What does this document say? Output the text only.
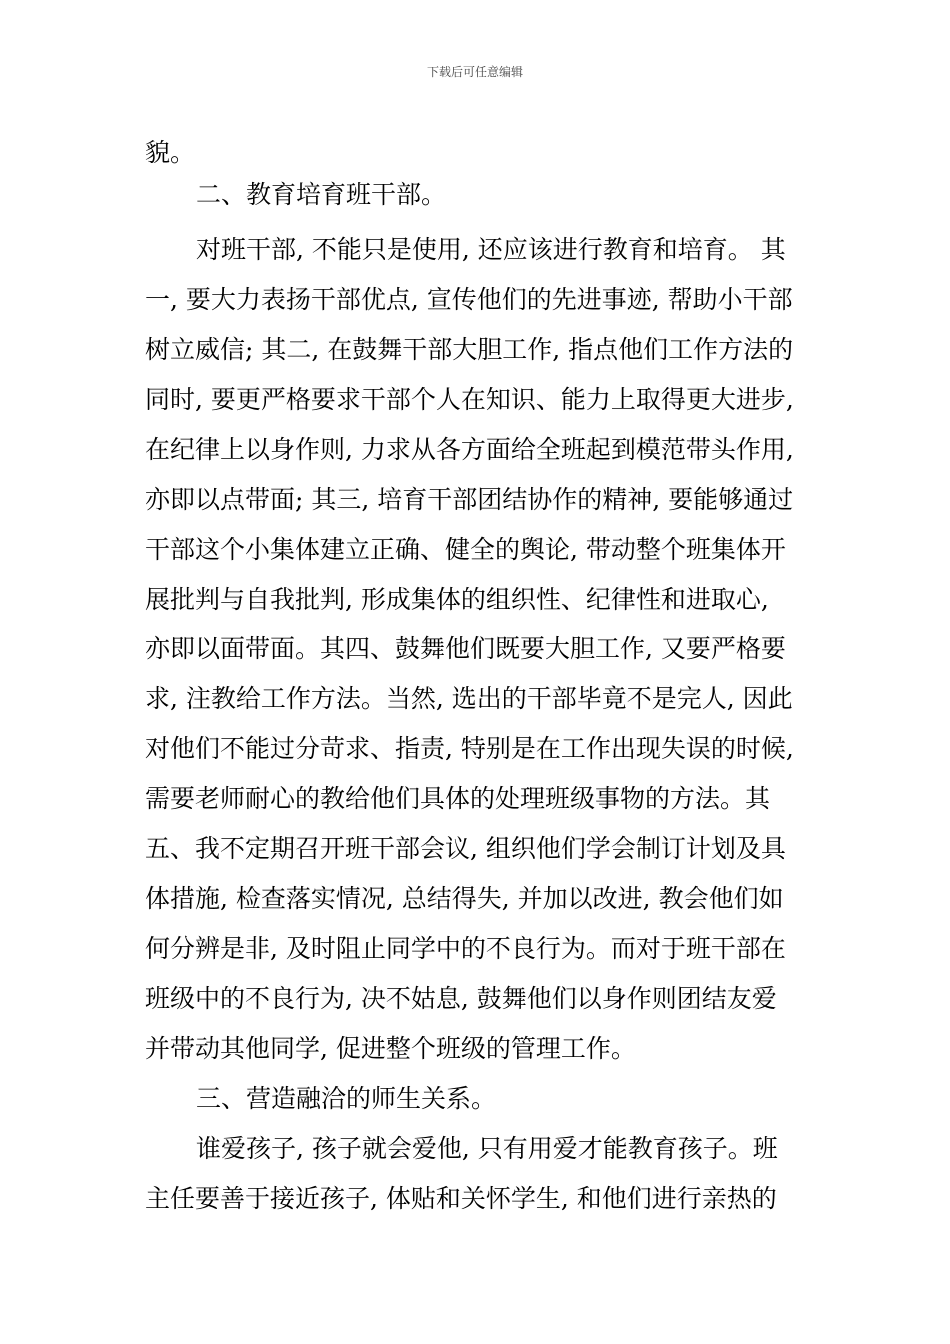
下载后可任意编辑
貌。
二、教育培育班干部。
对班干部, 不能只是使用, 还应该进行教育和培育。 其
一, 要大力表扬干部优点, 宣传他们的先进事迹, 帮助小干部
树立威信; 其二, 在鼓舞干部大胆工作, 指点他们工作方法的
同时, 要更严格要求干部个人在知识、能力上取得更大进步,
在纪律上以身作则, 力求从各方面给全班起到模范带头作用,
亦即以点带面; 其三, 培育干部团结协作的精神, 要能够通过
干部这个小集体建立正确、健全的舆论, 带动整个班集体开
展批判与自我批判, 形成集体的组织性、纪律性和进取心,
亦即以面带面。其四、鼓舞他们既要大胆工作, 又要严格要
求, 注教给工作方法。当然, 选出的干部毕竟不是完人, 因此
对他们不能过分苛求、指责, 特别是在工作出现失误的时候,
需要老师耐心的教给他们具体的处理班级事物的方法。其
五、我不定期召开班干部会议, 组织他们学会制订计划及具
体措施, 检查落实情况, 总结得失, 并加以改进, 教会他们如
何分辨是非, 及时阻止同学中的不良行为。而对于班干部在
班级中的不良行为, 决不姑息, 鼓舞他们以身作则团结友爱
并带动其他同学, 促进整个班级的管理工作。
三、营造融洽的师生关系。
谁爱孩子, 孩子就会爱他, 只有用爱才能教育孩子。班
主任要善于接近孩子, 体贴和关怀学生, 和他们进行亲热的
